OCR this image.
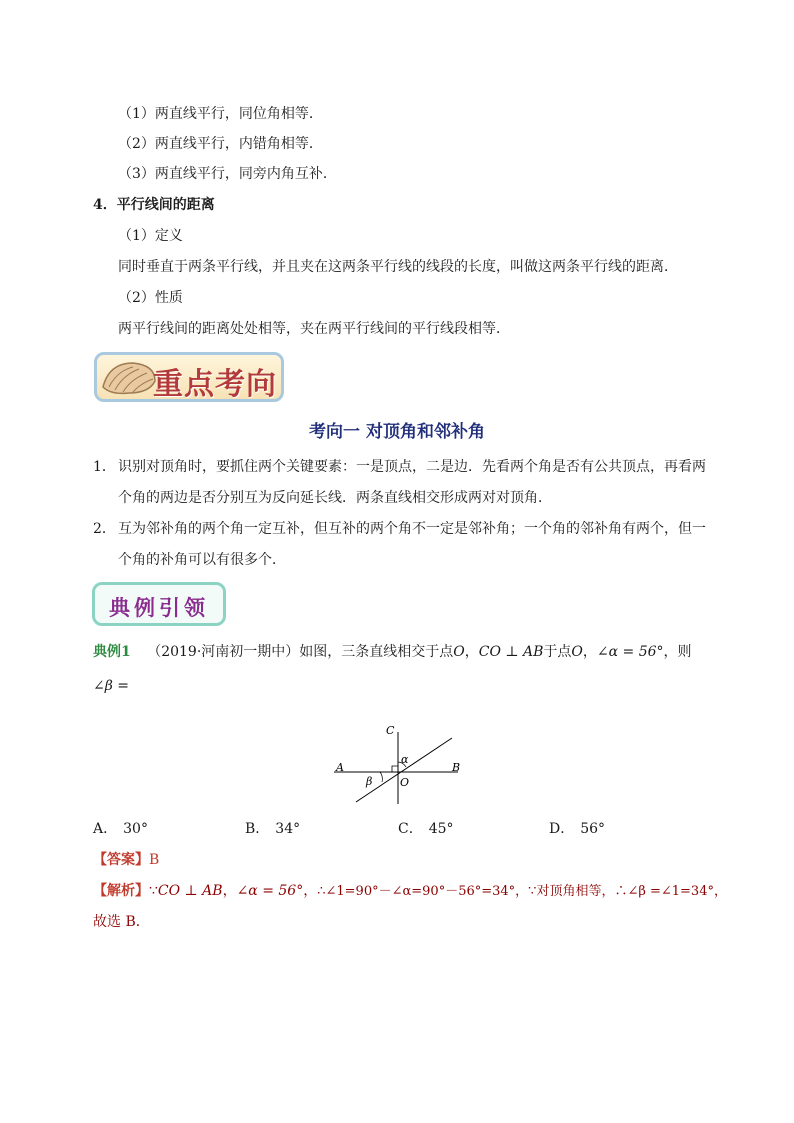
（1）两直线平行，同位角相等．
（2）两直线平行，内错角相等．
（3）两直线平行，同旁内角互补．
4．平行线间的距离
（1）定义
同时垂直于两条平行线，并且夹在这两条平行线的线段的长度，叫做这两条平行线的距离．
（2）性质
两平行线间的距离处处相等，夹在两平行线间的平行线段相等．
重点考向
考向一 对顶角和邻补角
1． 识别对顶角时，要抓住两个关键要素：一是顶点，二是边．先看两个角是否有公共顶点，再看两
个角的两边是否分别互为反向延长线．两条直线相交形成两对对顶角．
2． 互为邻补角的两个角一定互补，但互补的两个角不一定是邻补角；一个角的邻补角有两个，但一
个角的补角可以有很多个．
典例引领
典例1 （2019·河南初一期中）如图，三条直线相交于点O，CO ⊥ AB于点O，∠α = 56°，则
∠β =
C
A	B
O
α
β
A． 30°	B． 34°	C． 45°	D． 56°
【答案】B
【解析】∵CO ⊥ AB，∠α = 56°，∴∠1=90°－∠α=90°－56°=34°，∵对顶角相等，∴∠β =∠1=34°，
故选 B．
